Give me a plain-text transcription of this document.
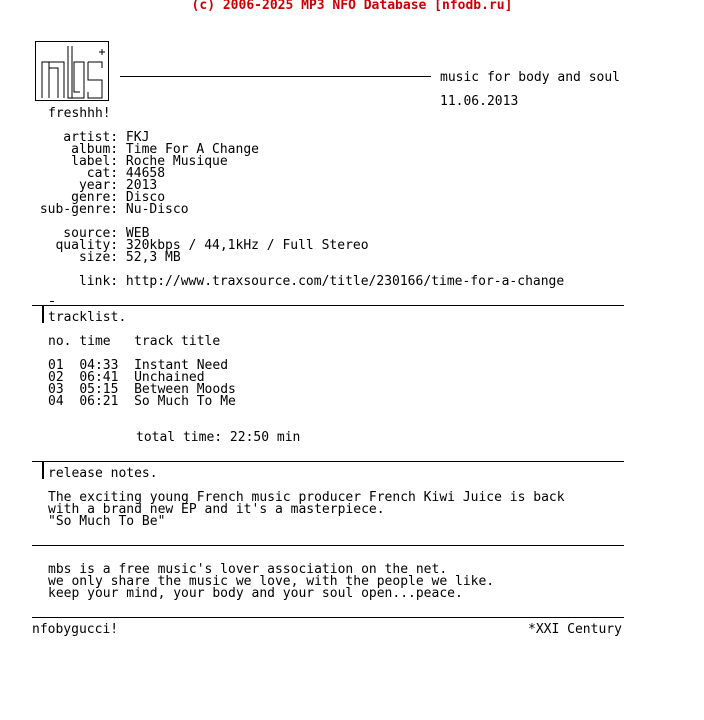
(c) 2006-2025 MP3 NFO Database [nfodb.ru]
music for body and soul
11.06.2013
freshhh!
artist: FKJ
album: Time For A Change
label: Roche Musique
cat: 44658
year: 2013
genre: Disco
sub-genre: Nu-Disco
source: WEB
quality: 320kbps / 44,1kHz / Full Stereo
size: 52,3 MB
link: http://www.traxsource.com/title/230166/time-for-a-change
tracklist.
no. time   track title
01 04:33 Instant Need
02 06:41 Unchained
03 05:15 Between Moods
04 06:21 So Much To Me
total time: 22:50 min
release notes.
The exciting young French music producer French Kiwi Juice is back
with a brand new EP and it's a masterpiece.
"So Much To Be"
mbs is a free music's lover association on the net.
we only share the music we love, with the people we like.
keep your mind, your body and your soul open...peace.
nfobygucci!	*XXI Century
